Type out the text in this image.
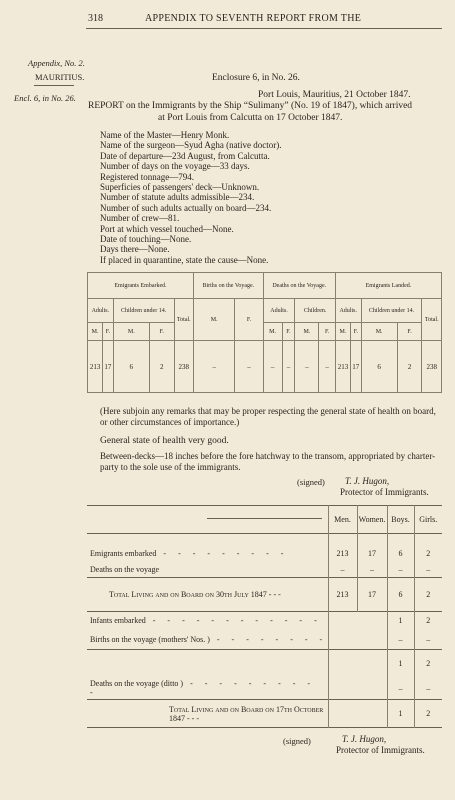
318	APPENDIX TO SEVENTH REPORT FROM THE
Appendix, No. 2.
MAURITIUS.
Encl. 6, in No. 26.
Enclosure 6, in No. 26.
Port Louis, Mauritius, 21 October 1847.
REPORT on the Immigrants by the Ship “Sulimany” (No. 19 of 1847), which arrived
at Port Louis from Calcutta on 17 October 1847.
Name of the Master—Henry Monk.
Name of the surgeon—Syud Agha (native doctor).
Date of departure—23d August, from Calcutta.
Number of days on the voyage—33 days.
Registered tonnage—794.
Superficies of passengers' deck—Unknown.
Number of statute adults admissible—234.
Number of such adults actually on board—234.
Number of crew—81.
Port at which vessel touched—None.
Date of touching—None.
Days there—None.
If placed in quarantine, state the cause—None.
Emigrants Embarked.					Births on the Voyage.		Deaths on the Voyage.				Emigrants Landed.				
Adults.		Children under 14.		Total.	M.	F.	Adults.		Children.		Adults.		Children under 14.		Total.
M.	F.	M.	F.				M.	F.	M.	F.	M.	F.	M.	F.	
213	17	6	2	238	–	–	–	–	–	–	213	17	6	2	238
(Here subjoin any remarks that may be proper respecting the general state of health on board, or other circumstances of importance.)
General state of health very good.
Between-decks—18 inches before the fore hatchway to the transom, appropriated by charter-party to the sole use of the immigrants.
(signed) T. J. Hugon,
Protector of Immigrants.
	Men.	Women.	Boys.	Girls.

Emigrants embarked - - - - - - - - -	213	17	6	2
Deaths on the voyage	–	–	–	–
Total Living and on Board on 30th July 1847 - - -	213	17	6	2
Infants embarked - - - - - - - - - - - -			1	2
Births on the voyage (mothers' Nos. ) - - - - - - - -			–	–
			1	2
Deaths on the voyage (ditto ) - - - - - - - - - -			–	–
Total Living and on Board on 17th October 1847 - - -			1	2
(signed)	T. J. Hugon,
Protector of Immigrants.
